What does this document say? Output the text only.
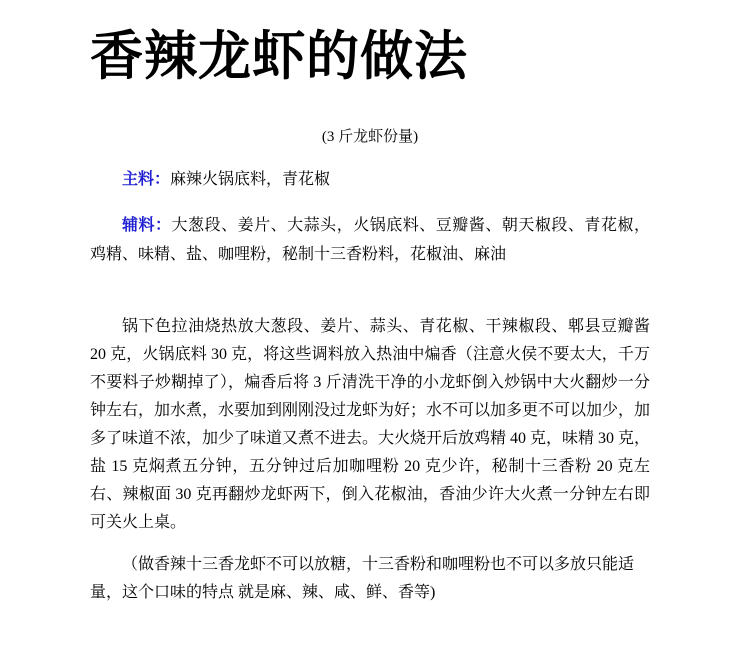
香辣龙虾的做法

(3 斤龙虾份量)

主料：麻辣火锅底料，青花椒

辅料：大葱段、姜片、大蒜头，火锅底料、豆瓣酱、朝天椒段、青花椒，鸡精、味精、盐、咖哩粉，秘制十三香粉料，花椒油、麻油

锅下色拉油烧热放大葱段、姜片、蒜头、青花椒、干辣椒段、郫县豆瓣酱 20 克，火锅底料 30 克，将这些调料放入热油中煸香（注意火侯不要太大，千万不要料子炒糊掉了），煸香后将 3 斤清洗干净的小龙虾倒入炒锅中大火翻炒一分钟左右，加水煮，水要加到刚刚没过龙虾为好；水不可以加多更不可以加少，加多了味道不浓，加少了味道又煮不进去。大火烧开后放鸡精 40 克，味精 30 克，盐 15 克焖煮五分钟，五分钟过后加咖哩粉 20 克少许，秘制十三香粉 20 克左右、辣椒面 30 克再翻炒龙虾两下，倒入花椒油，香油少许大火煮一分钟左右即可关火上桌。

（做香辣十三香龙虾不可以放糖，十三香粉和咖哩粉也不可以多放只能适量，这个口味的特点 就是麻、辣、咸、鲜、香等)
